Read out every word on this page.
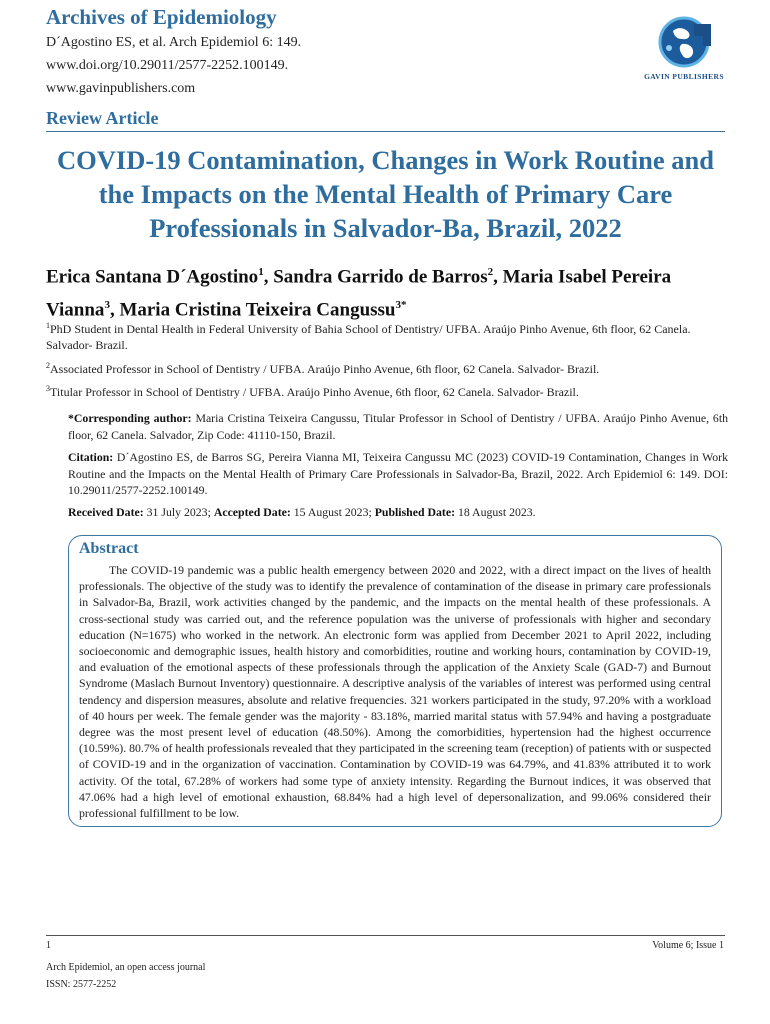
Archives of Epidemiology
D´Agostino ES, et al. Arch Epidemiol 6: 149.
www.doi.org/10.29011/2577-2252.100149.
www.gavinpublishers.com
GAVIN PUBLISHERS
Review Article
COVID-19 Contamination, Changes in Work Routine and the Impacts on the Mental Health of Primary Care Professionals in Salvador-Ba, Brazil, 2022
Erica Santana D´Agostino$^1$, Sandra Garrido de Barros$^2$, Maria Isabel Pereira Vianna$^3$, Maria Cristina Teixeira Cangussu$^{3*}$
$^1$PhD Student in Dental Health in Federal University of Bahia School of Dentistry/ UFBA. Araújo Pinho Avenue, 6th floor, 62 Canela. Salvador- Brazil.
$^2$Associated Professor in School of Dentistry / UFBA. Araújo Pinho Avenue, 6th floor, 62 Canela. Salvador- Brazil.
$^3$Titular Professor in School of Dentistry / UFBA. Araújo Pinho Avenue, 6th floor, 62 Canela. Salvador- Brazil.
*Corresponding author: Maria Cristina Teixeira Cangussu, Titular Professor in School of Dentistry / UFBA. Araújo Pinho Avenue, 6th floor, 62 Canela. Salvador, Zip Code: 41110-150, Brazil.
Citation: D´Agostino ES, de Barros SG, Pereira Vianna MI, Teixeira Cangussu MC (2023) COVID-19 Contamination, Changes in Work Routine and the Impacts on the Mental Health of Primary Care Professionals in Salvador-Ba, Brazil, 2022. Arch Epidemiol 6: 149. DOI: 10.29011/2577-2252.100149.
Received Date: 31 July 2023; Accepted Date: 15 August 2023; Published Date: 18 August 2023.
Abstract

The COVID-19 pandemic was a public health emergency between 2020 and 2022, with a direct impact on the lives of health professionals. The objective of the study was to identify the prevalence of contamination of the disease in primary care professionals in Salvador-Ba, Brazil, work activities changed by the pandemic, and the impacts on the mental health of these professionals. A cross-sectional study was carried out, and the reference population was the universe of professionals with higher and secondary education (N=1675) who worked in the network. An electronic form was applied from December 2021 to April 2022, including socioeconomic and demographic issues, health history and comorbidities, routine and working hours, contamination by COVID-19, and evaluation of the emotional aspects of these professionals through the application of the Anxiety Scale (GAD-7) and Burnout Syndrome (Maslach Burnout Inventory) questionnaire. A descriptive analysis of the variables of interest was performed using central tendency and dispersion measures, absolute and relative frequencies. 321 workers participated in the study, 97.20% with a workload of 40 hours per week. The female gender was the majority - 83.18%, married marital status with 57.94% and having a postgraduate degree was the most present level of education (48.50%). Among the comorbidities, hypertension had the highest occurrence (10.59%). 80.7% of health professionals revealed that they participated in the screening team (reception) of patients with or suspected of COVID-19 and in the organization of vaccination. Contamination by COVID-19 was 64.79%, and 41.83% attributed it to work activity. Of the total, 67.28% of workers had some type of anxiety intensity. Regarding the Burnout indices, it was observed that 47.06% had a high level of emotional exhaustion, 68.84% had a high level of depersonalization, and 99.06% considered their professional fulfillment to be low.

1	Volume 6; Issue 1
Arch Epidemiol, an open access journal
ISSN: 2577-2252
